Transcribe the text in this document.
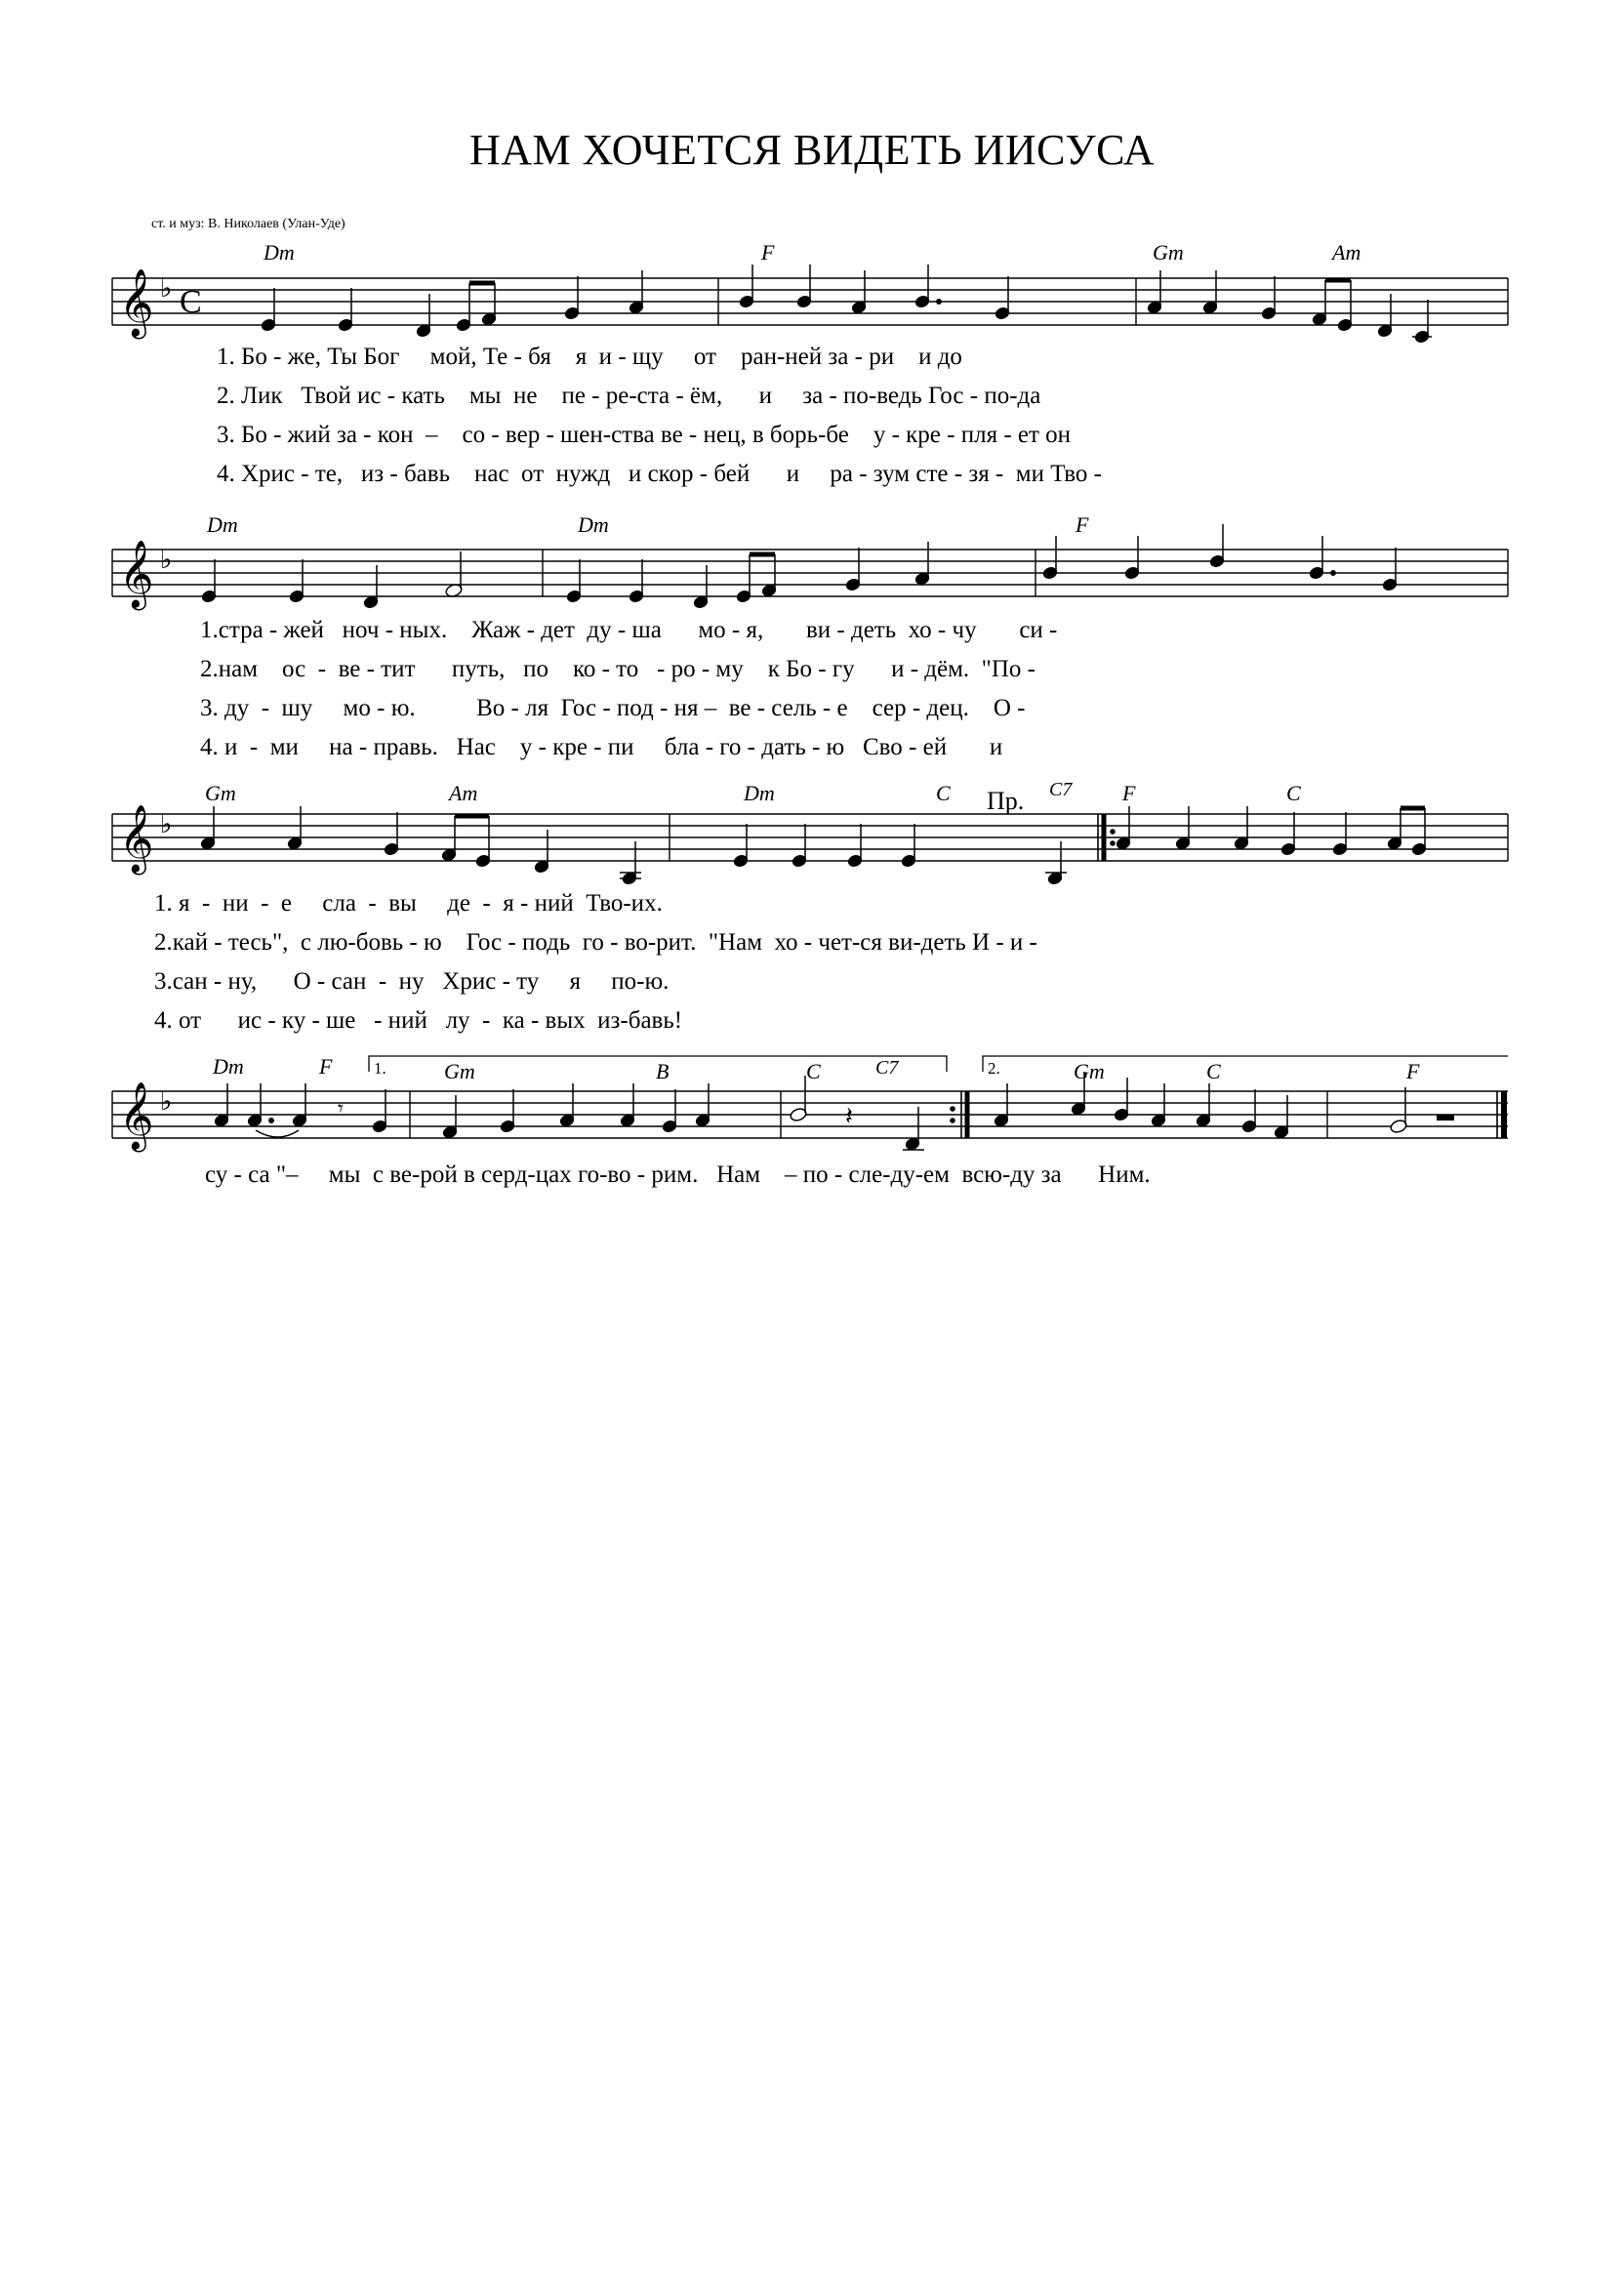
НАМ ХОЧЕТСЯ ВИДЕТЬ ИИСУСА
ст. и муз: В. Николаев (Улан-Уде)
𝄞 ♭ C
Dm	F	Gm	Am
1. Бо - же, Ты Бог     мой, Те - бя    я  и - щу     от    ран-ней за - ри    и до
2. Лик   Твой ис - кать    мы  не    пе - ре-ста - ём,      и     за - по-ведь Гос - по-да
3. Бо - жий за - кон  –    со - вер - шен-ства ве - нец, в борь-бе    у - кре - пля - ет он
4. Хрис - те,   из - бавь    нас  от  нужд   и скор - бей      и     ра - зум сте - зя -  ми Тво -
𝄞 ♭
Dm	Dm	F
1.стра - жей   ноч - ных.    Жаж - дет  ду - ша      мо - я,       ви - деть  хо - чу       си -
2.нам    ос  -  ве - тит      путь,   по    ко - то   - ро - му    к Бо - гу      и - дём.  "По -
3. ду  -  шу     мо - ю.          Во - ля  Гос - под - ня –  ве - сель - е    сер - дец.    О -
4. и  -  ми     на - правь.   Нас    у - кре - пи     бла - го - дать - ю   Сво - ей       и
𝄞 ♭
Gm	Am	Dm	C Пр. C7 F	C
1. я  -  ни  -  е     сла  -  вы     де  -  я - ний  Тво-их.
2.кай - тесь",  с лю-бовь - ю    Гос - подь  го - во-рит.  "Нам  хо - чет-ся ви-деть И - и -
3.сан - ну,      О - сан  -  ну   Хрис - ту     я     по-ю.
4. от      ис - ку - ше   - ний   лу  -  ка - вых  из-бавь!
𝄞 ♭	𝄾	𝄽
Dm	F	1.	Gm	B	C	C7	2.	Gm	C	F
су - са "–     мы  с ве-рой в серд-цах го-во - рим.   Нам    – по - сле-ду-ем  всю-ду за      Ним.
